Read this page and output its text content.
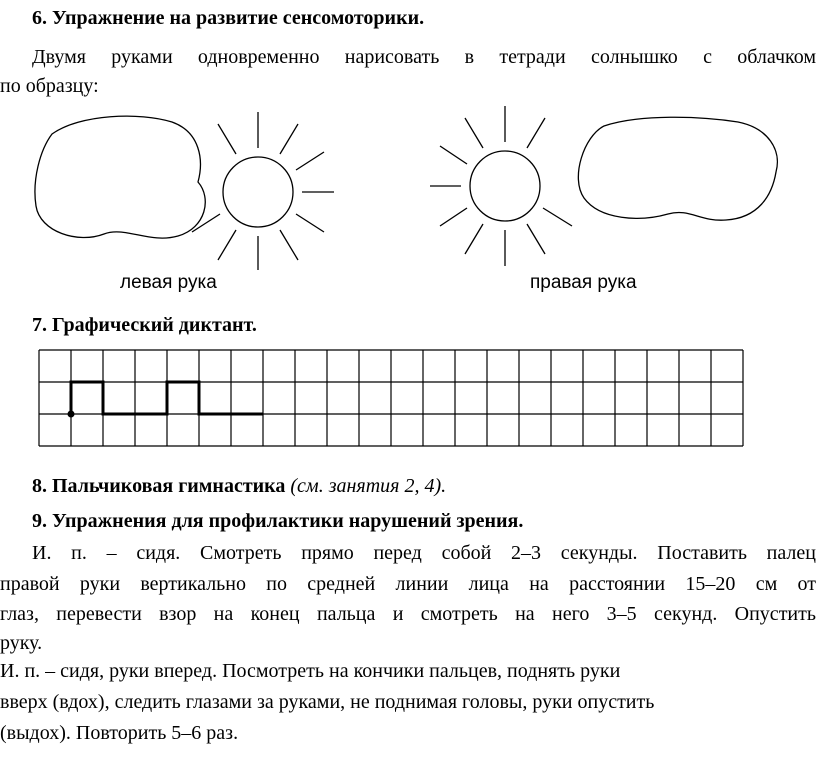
6. Упражнение на развитие сенсомоторики.
Двумя руками одновременно нарисовать в тетради солнышко с облачком
по образцу:
левая рука	правая рука
7. Графический диктант.
8. Пальчиковая гимнастика (см. занятия 2, 4).
9. Упражнения для профилактики нарушений зрения.
И. п. – сидя. Смотреть прямо перед собой 2–3 секунды. Поставить палец
правой руки вертикально по средней линии лица на расстоянии 15–20 см от
глаз, перевести взор на конец пальца и смотреть на него 3–5 секунд. Опустить
руку.
И. п. – сидя, руки вперед. Посмотреть на кончики пальцев, поднять руки
вверх (вдох), следить глазами за руками, не поднимая головы, руки опустить
(выдох). Повторить 5–6 раз.
